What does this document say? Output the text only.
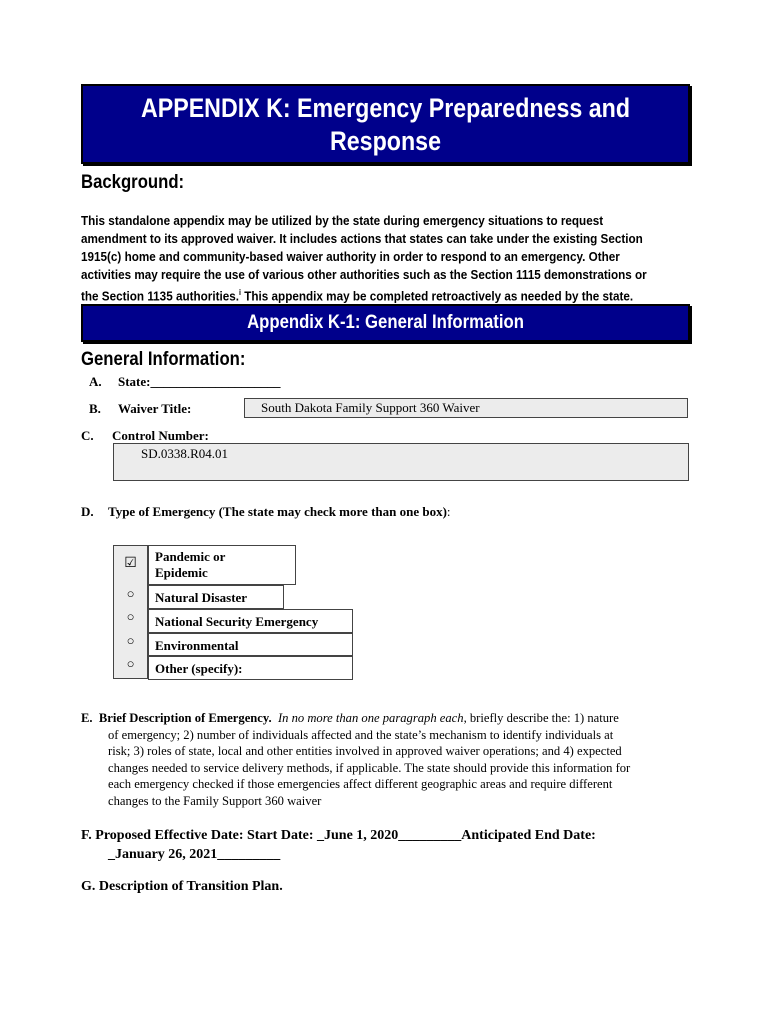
APPENDIX K: Emergency Preparedness and
Response
Background:
This standalone appendix may be utilized by the state during emergency situations to request
amendment to its approved waiver. It includes actions that states can take under the existing Section
1915(c) home and community-based waiver authority in order to respond to an emergency. Other
activities may require the use of various other authorities such as the Section 1115 demonstrations or
the Section 1135 authorities.$^i$ This appendix may be completed retroactively as needed by the state.
Appendix K-1: General Information
General Information:
A. State:____________________
B. Waiver Title:	South Dakota Family Support 360 Waiver
C. Control Number:
SD.0338.R04.01
D. Type of Emergency (The state may check more than one box):
☑	Pandemic or
Epidemic
○	Natural Disaster
○	National Security Emergency
○	Environmental
○	Other (specify):
E. Brief Description of Emergency. In no more than one paragraph each, briefly describe the: 1) nature
of emergency; 2) number of individuals affected and the state’s mechanism to identify individuals at
risk; 3) roles of state, local and other entities involved in approved waiver operations; and 4) expected
changes needed to service delivery methods, if applicable. The state should provide this information for
each emergency checked if those emergencies affect different geographic areas and require different
changes to the Family Support 360 waiver
F. Proposed Effective Date: Start Date: _June 1, 2020_________Anticipated End Date:
_January 26, 2021_________
G. Description of Transition Plan.
